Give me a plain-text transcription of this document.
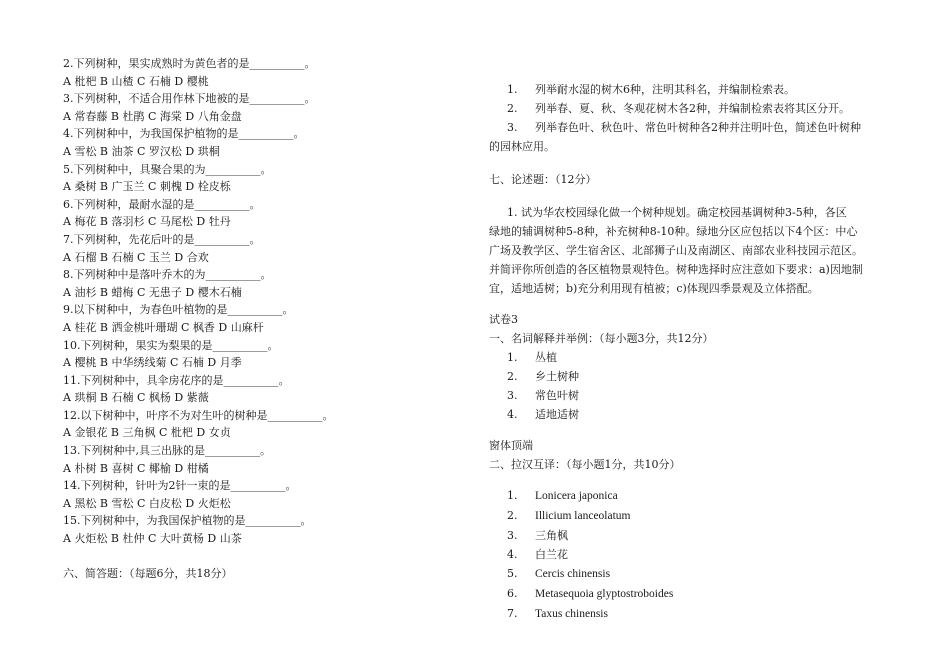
2.下列树种，果实成熟时为黄色者的是__________。
A 枇杷 B 山楂 C 石楠 D 樱桃
3.下列树种，不适合用作林下地被的是__________。
A 常春藤 B 杜鹃 C 海棠 D 八角金盘
4.下列树种中，为我国保护植物的是__________。
A 雪松 B 油茶 C 罗汉松 D 珙桐
5.下列树种中，具聚合果的为__________。
A 桑树 B 广玉兰 C 刺槐 D 栓皮栎
6.下列树种，最耐水湿的是__________。
A 梅花 B 落羽杉 C 马尾松 D 牡丹
7.下列树种，先花后叶的是__________。
A 石榴 B 石楠 C 玉兰 D 合欢
8.下列树种中是落叶乔木的为__________。
A 油杉 B 蜡梅 C 无患子 D 樱木石楠
9.以下树种中，为春色叶植物的是__________。
A 桂花 B 洒金桃叶珊瑚 C 枫香 D 山麻杆
10.下列树种，果实为梨果的是__________。
A 樱桃 B 中华绣线菊 C 石楠 D 月季
11.下列树种中，具伞房花序的是__________。
A 珙桐 B 石楠 C 枫杨 D 紫薇
12.以下树种中，叶序不为对生叶的树种是__________。
A 金银花 B 三角枫 C 枇杷 D 女贞
13.下列树种中,具三出脉的是__________。
A 朴树 B 喜树 C 椰榆 D 柑橘
14.下列树种，针叶为2针一束的是__________。
A 黑松 B 雪松 C 白皮松 D 火炬松
15.下列树种中，为我国保护植物的是__________。
A 火炬松 B 杜仲 C 大叶黄杨 D 山茶
六、简答题：（每题6分，共18分）
1. 列举耐水湿的树木6种，注明其科名，并编制检索表。
2. 列举春、夏、秋、冬观花树木各2种，并编制检索表将其区分开。
3. 列举春色叶、秋色叶、常色叶树种各2种并注明叶色，简述色叶树种
的园林应用。
七、论述题：（12分）
1. 试为华农校园绿化做一个树种规划。确定校园基调树种3-5种，各区
绿地的辅调树种5-8种，补充树种8-10种。绿地分区应包括以下4个区：中心
广场及教学区、学生宿舍区、北部狮子山及南湖区、南部农业科技园示范区。
并简评你所创造的各区植物景观特色。树种选择时应注意如下要求：a)因地制
宜，适地适树；b)充分利用现有植被；c)体现四季景观及立体搭配。
试卷3
一、名词解释并举例：（每小题3分，共12分）
1. 丛植
2. 乡土树种
3. 常色叶树
4. 适地适树
窗体顶端
二、拉汉互译：（每小题1分，共10分）
1. Lonicera japonica
2. Illicium lanceolatum
3. 三角枫
4. 白兰花
5. Cercis chinensis
6. Metasequoia glyptostroboides
7. Taxus chinensis
